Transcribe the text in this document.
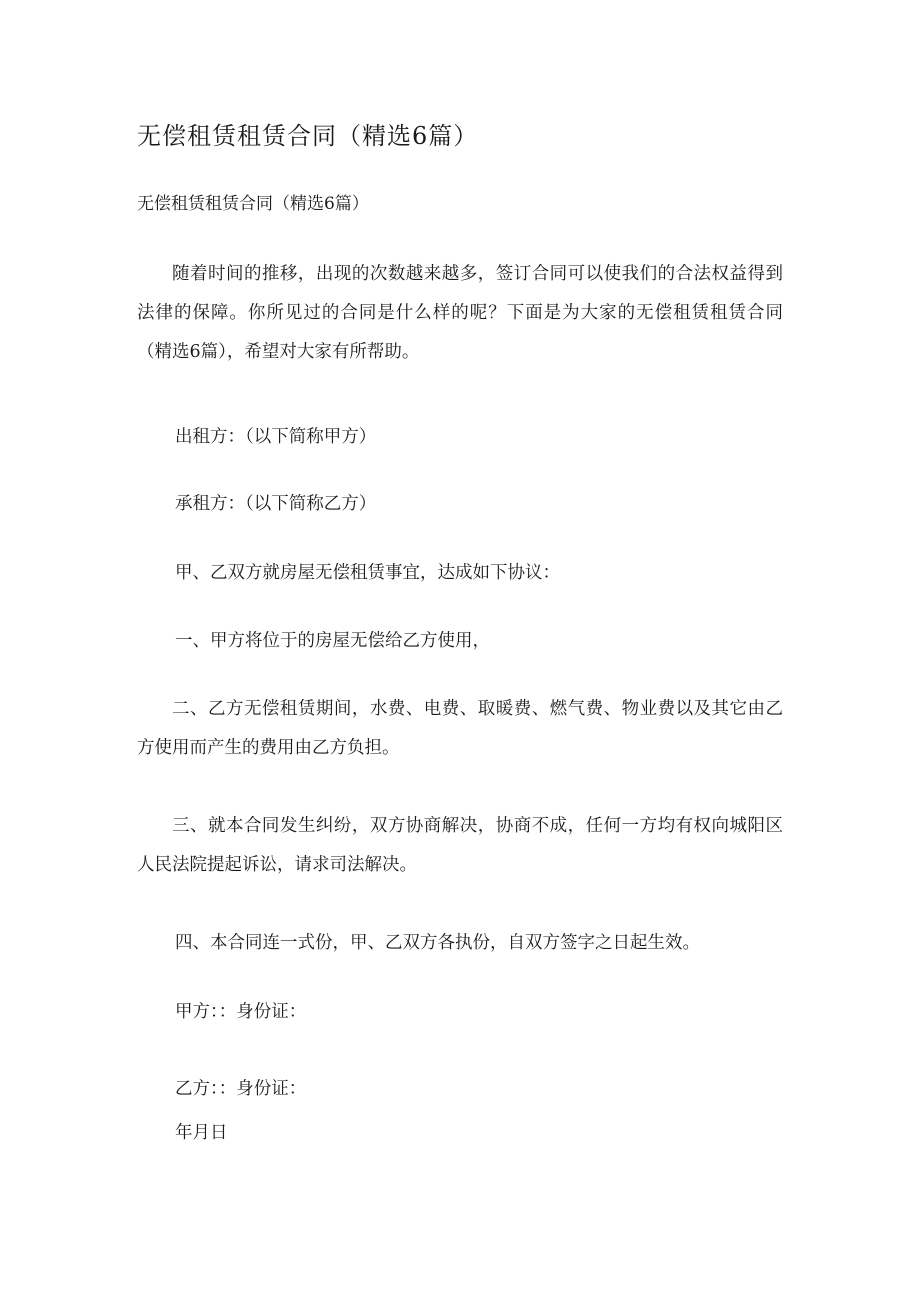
无偿租赁租赁合同（精选6篇）
无偿租赁租赁合同（精选6篇）

随着时间的推移，出现的次数越来越多，签订合同可以使我们的合法权益得到法律的保障。你所见过的合同是什么样的呢？下面是为大家的无偿租赁租赁合同（精选6篇），希望对大家有所帮助。

出租方：（以下简称甲方）
承租方：（以下简称乙方）
甲、乙双方就房屋无偿租赁事宜，达成如下协议：
一、甲方将位于的房屋无偿给乙方使用，

二、乙方无偿租赁期间，水费、电费、取暖费、燃气费、物业费以及其它由乙方使用而产生的费用由乙方负担。

三、就本合同发生纠纷，双方协商解决，协商不成，任何一方均有权向城阳区人民法院提起诉讼，请求司法解决。

四、本合同连一式份，甲、乙双方各执份，自双方签字之日起生效。
甲方：：身份证：
乙方：：身份证：
年月日
